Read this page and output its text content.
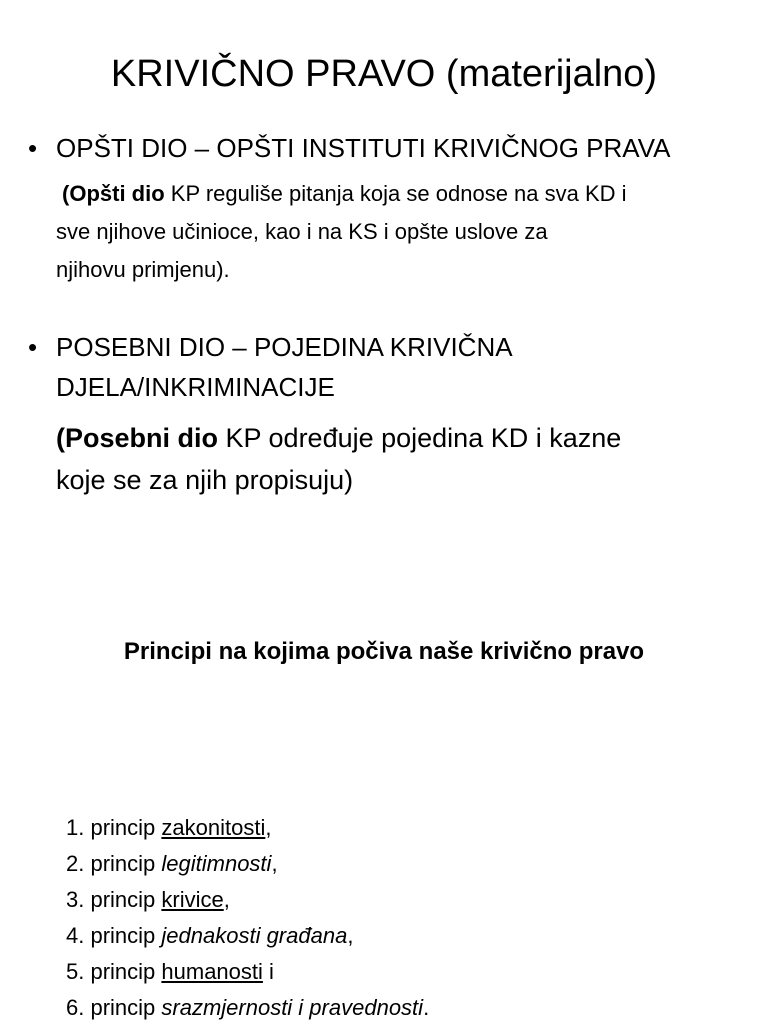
KRIVIČNO PRAVO (materijalno)
• OPŠTI DIO – OPŠTI INSTITUTI KRIVIČNOG PRAVA
(Opšti dio KP reguliše pitanja koja se odnose na sva KD i
sve njihove učinioce, kao i na KS i opšte uslove za
njihovu primjenu).
• POSEBNI DIO – POJEDINA KRIVIČNA
DJELA/INKRIMINACIJE
(Posebni dio KP određuje pojedina KD i kazne
koje se za njih propisuju)
Principi na kojima počiva naše krivično pravo
1. princip zakonitosti,
2. princip legitimnosti,
3. princip krivice,
4. princip jednakosti građana,
5. princip humanosti i
6. princip srazmjernosti i pravednosti.
